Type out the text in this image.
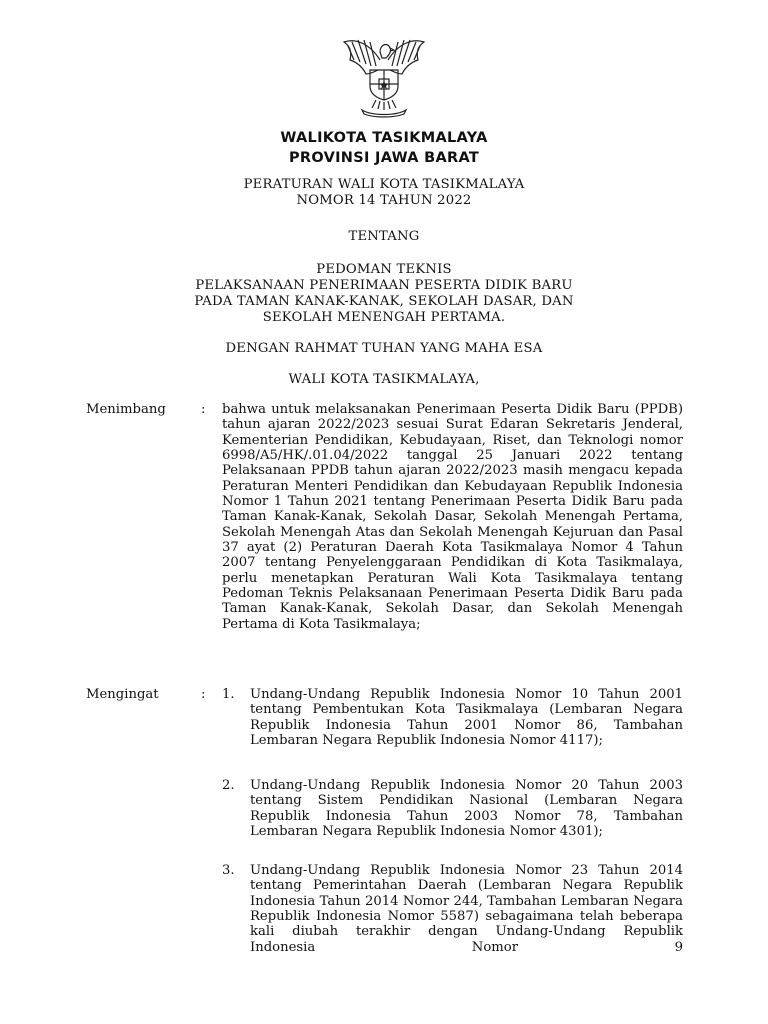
WALIKOTA TASIKMALAYA
PROVINSI JAWA BARAT
PERATURAN WALI KOTA TASIKMALAYA
NOMOR 14 TAHUN 2022
TENTANG
PEDOMAN TEKNIS
PELAKSANAAN PENERIMAAN PESERTA DIDIK BARU
PADA TAMAN KANAK-KANAK, SEKOLAH DASAR, DAN
SEKOLAH MENENGAH PERTAMA.
DENGAN RAHMAT TUHAN YANG MAHA ESA
WALI KOTA TASIKMALAYA,
Menimbang	: bahwa untuk melaksanakan Penerimaan Peserta Didik Baru (PPDB) tahun ajaran 2022/2023 sesuai Surat Edaran Sekretaris Jenderal, Kementerian Pendidikan, Kebudayaan, Riset, dan Teknologi nomor 6998/A5/HK/.01.04/2022 tanggal 25 Januari 2022 tentang Pelaksanaan PPDB tahun ajaran 2022/2023 masih mengacu kepada Peraturan Menteri Pendidikan dan Kebudayaan Republik Indonesia Nomor 1 Tahun 2021 tentang Penerimaan Peserta Didik Baru pada Taman Kanak-Kanak, Sekolah Dasar, Sekolah Menengah Pertama, Sekolah Menengah Atas dan Sekolah Menengah Kejuruan dan Pasal 37 ayat (2) Peraturan Daerah Kota Tasikmalaya Nomor 4 Tahun 2007 tentang Penyelenggaraan Pendidikan di Kota Tasikmalaya, perlu menetapkan Peraturan Wali Kota Tasikmalaya tentang Pedoman Teknis Pelaksanaan Penerimaan Peserta Didik Baru pada Taman Kanak-Kanak, Sekolah Dasar, dan Sekolah Menengah Pertama di Kota Tasikmalaya;
Mengingat	: 1. Undang-Undang Republik Indonesia Nomor 10 Tahun 2001 tentang Pembentukan Kota Tasikmalaya (Lembaran Negara Republik Indonesia Tahun 2001 Nomor 86, Tambahan Lembaran Negara Republik Indonesia Nomor 4117);
2. Undang-Undang Republik Indonesia Nomor 20 Tahun 2003 tentang Sistem Pendidikan Nasional (Lembaran Negara Republik Indonesia Tahun 2003 Nomor 78, Tambahan Lembaran Negara Republik Indonesia Nomor 4301);
3. Undang-Undang Republik Indonesia Nomor 23 Tahun 2014 tentang Pemerintahan Daerah (Lembaran Negara Republik Indonesia Tahun 2014 Nomor 244, Tambahan Lembaran Negara Republik Indonesia Nomor 5587) sebagaimana telah beberapa kali diubah terakhir dengan Undang-Undang Republik Indonesia Nomor 9
